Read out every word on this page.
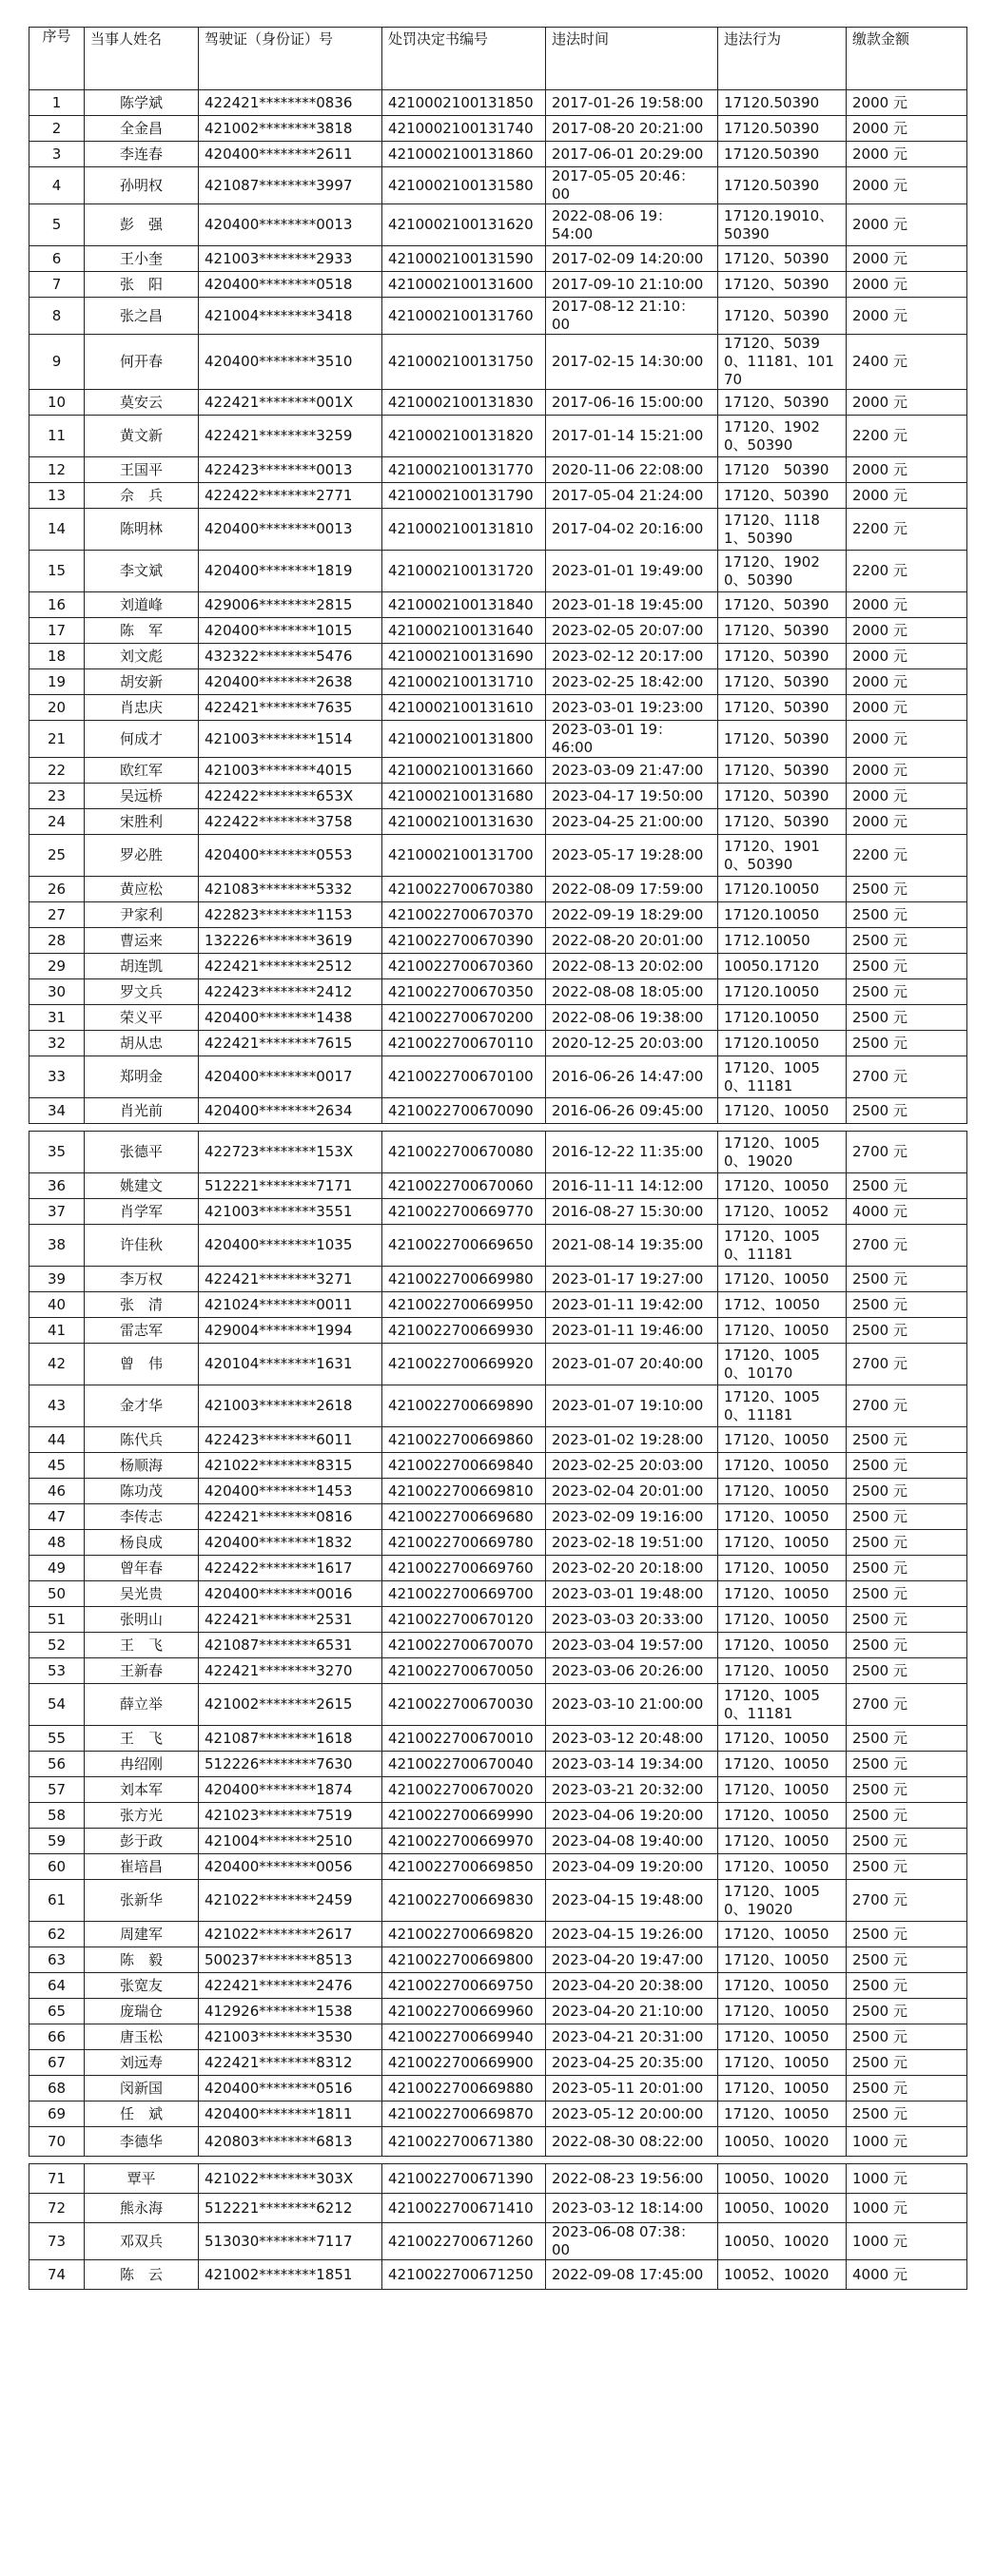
序号	当事人姓名	驾驶证（身份证）号	处罚决定书编号	违法时间	违法行为	缴款金额
1	陈学斌	422421********0836	4210002100131850	2017-01-26 19:58:00	17120.50390	2000 元
2	全金昌	421002********3818	4210002100131740	2017-08-20 20:21:00	17120.50390	2000 元
3	李连春	420400********2611	4210002100131860	2017-06-01 20:29:00	17120.50390	2000 元
4	孙明权	421087********3997	4210002100131580	2017-05-05 20:46：00	17120.50390	2000 元
5	彭　强	420400********0013	4210002100131620	2022-08-06 19：54:00	17120.19010、50390	2000 元
6	王小奎	421003********2933	4210002100131590	2017-02-09 14:20:00	17120、50390	2000 元
7	张　阳	420400********0518	4210002100131600	2017-09-10 21:10:00	17120、50390	2000 元
8	张之昌	421004********3418	4210002100131760	2017-08-12 21:10：00	17120、50390	2000 元
9	何开春	420400********3510	4210002100131750	2017-02-15 14:30:00	17120、50390、11181、10170	2400 元
10	莫安云	422421********001X	4210002100131830	2017-06-16 15:00:00	17120、50390	2000 元
11	黄文新	422421********3259	4210002100131820	2017-01-14 15:21:00	17120、19020、50390	2200 元
12	王国平	422423********0013	4210002100131770	2020-11-06 22:08:00	17120　50390	2000 元
13	佘　兵	422422********2771	4210002100131790	2017-05-04 21:24:00	17120、50390	2000 元
14	陈明林	420400********0013	4210002100131810	2017-04-02 20:16:00	17120、11181、50390	2200 元
15	李文斌	420400********1819	4210002100131720	2023-01-01 19:49:00	17120、19020、50390	2200 元
16	刘道峰	429006********2815	4210002100131840	2023-01-18 19:45:00	17120、50390	2000 元
17	陈　军	420400********1015	4210002100131640	2023-02-05 20:07:00	17120、50390	2000 元
18	刘文彪	432322********5476	4210002100131690	2023-02-12 20:17:00	17120、50390	2000 元
19	胡安新	420400********2638	4210002100131710	2023-02-25 18:42:00	17120、50390	2000 元
20	肖忠庆	422421********7635	4210002100131610	2023-03-01 19:23:00	17120、50390	2000 元
21	何成才	421003********1514	4210002100131800	2023-03-01 19：46:00	17120、50390	2000 元
22	欧红军	421003********4015	4210002100131660	2023-03-09 21:47:00	17120、50390	2000 元
23	吴远桥	422422********653X	4210002100131680	2023-04-17 19:50:00	17120、50390	2000 元
24	宋胜利	422422********3758	4210002100131630	2023-04-25 21:00:00	17120、50390	2000 元
25	罗必胜	420400********0553	4210002100131700	2023-05-17 19:28:00	17120、19010、50390	2200 元
26	黄应松	421083********5332	4210022700670380	2022-08-09 17:59:00	17120.10050	2500 元
27	尹家利	422823********1153	4210022700670370	2022-09-19 18:29:00	17120.10050	2500 元
28	曹运来	132226********3619	4210022700670390	2022-08-20 20:01:00	1712.10050	2500 元
29	胡连凯	422421********2512	4210022700670360	2022-08-13 20:02:00	10050.17120	2500 元
30	罗文兵	422423********2412	4210022700670350	2022-08-08 18:05:00	17120.10050	2500 元
31	荣义平	420400********1438	4210022700670200	2022-08-06 19:38:00	17120.10050	2500 元
32	胡从忠	422421********7615	4210022700670110	2020-12-25 20:03:00	17120.10050	2500 元
33	郑明金	420400********0017	4210022700670100	2016-06-26 14:47:00	17120、10050、11181	2700 元
34	肖光前	420400********2634	4210022700670090	2016-06-26 09:45:00	17120、10050	2500 元

35	张德平	422723********153X	4210022700670080	2016-12-22 11:35:00	17120、10050、19020	2700 元
36	姚建文	512221********7171	4210022700670060	2016-11-11 14:12:00	17120、10050	2500 元
37	肖学军	421003********3551	4210022700669770	2016-08-27 15:30:00	17120、10052	4000 元
38	许佳秋	420400********1035	4210022700669650	2021-08-14 19:35:00	17120、10050、11181	2700 元
39	李万权	422421********3271	4210022700669980	2023-01-17 19:27:00	17120、10050	2500 元
40	张　清	421024********0011	4210022700669950	2023-01-11 19:42:00	1712、10050	2500 元
41	雷志军	429004********1994	4210022700669930	2023-01-11 19:46:00	17120、10050	2500 元
42	曾　伟	420104********1631	4210022700669920	2023-01-07 20:40:00	17120、10050、10170	2700 元
43	金才华	421003********2618	4210022700669890	2023-01-07 19:10:00	17120、10050、11181	2700 元
44	陈代兵	422423********6011	4210022700669860	2023-01-02 19:28:00	17120、10050	2500 元
45	杨顺海	421022********8315	4210022700669840	2023-02-25 20:03:00	17120、10050	2500 元
46	陈功茂	420400********1453	4210022700669810	2023-02-04 20:01:00	17120、10050	2500 元
47	李传志	422421********0816	4210022700669680	2023-02-09 19:16:00	17120、10050	2500 元
48	杨良成	420400********1832	4210022700669780	2023-02-18 19:51:00	17120、10050	2500 元
49	曾年春	422422********1617	4210022700669760	2023-02-20 20:18:00	17120、10050	2500 元
50	吴光贵	420400********0016	4210022700669700	2023-03-01 19:48:00	17120、10050	2500 元
51	张明山	422421********2531	4210022700670120	2023-03-03 20:33:00	17120、10050	2500 元
52	王　飞	421087********6531	4210022700670070	2023-03-04 19:57:00	17120、10050	2500 元
53	王新春	422421********3270	4210022700670050	2023-03-06 20:26:00	17120、10050	2500 元
54	薛立举	421002********2615	4210022700670030	2023-03-10 21:00:00	17120、10050、11181	2700 元
55	王　飞	421087********1618	4210022700670010	2023-03-12 20:48:00	17120、10050	2500 元
56	冉绍刚	512226********7630	4210022700670040	2023-03-14 19:34:00	17120、10050	2500 元
57	刘本军	420400********1874	4210022700670020	2023-03-21 20:32:00	17120、10050	2500 元
58	张方光	421023********7519	4210022700669990	2023-04-06 19:20:00	17120、10050	2500 元
59	彭于政	421004********2510	4210022700669970	2023-04-08 19:40:00	17120、10050	2500 元
60	崔培昌	420400********0056	4210022700669850	2023-04-09 19:20:00	17120、10050	2500 元
61	张新华	421022********2459	4210022700669830	2023-04-15 19:48:00	17120、10050、19020	2700 元
62	周建军	421022********2617	4210022700669820	2023-04-15 19:26:00	17120、10050	2500 元
63	陈　毅	500237********8513	4210022700669800	2023-04-20 19:47:00	17120、10050	2500 元
64	张宽友	422421********2476	4210022700669750	2023-04-20 20:38:00	17120、10050	2500 元
65	庞瑞仓	412926********1538	4210022700669960	2023-04-20 21:10:00	17120、10050	2500 元
66	唐玉松	421003********3530	4210022700669940	2023-04-21 20:31:00	17120、10050	2500 元
67	刘远寿	422421********8312	4210022700669900	2023-04-25 20:35:00	17120、10050	2500 元
68	闵新国	420400********0516	4210022700669880	2023-05-11 20:01:00	17120、10050	2500 元
69	任　斌	420400********1811	4210022700669870	2023-05-12 20:00:00	17120、10050	2500 元
70	李德华	420803********6813	4210022700671380	2022-08-30 08:22:00	10050、10020	1000 元

71	覃平	421022********303X	4210022700671390	2022-08-23 19:56:00	10050、10020	1000 元
72	熊永海	512221********6212	4210022700671410	2023-03-12 18:14:00	10050、10020	1000 元
73	邓双兵	513030********7117	4210022700671260	2023-06-08 07:38：00	10050、10020	1000 元
74	陈　云	421002********1851	4210022700671250	2022-09-08 17:45:00	10052、10020	4000 元
